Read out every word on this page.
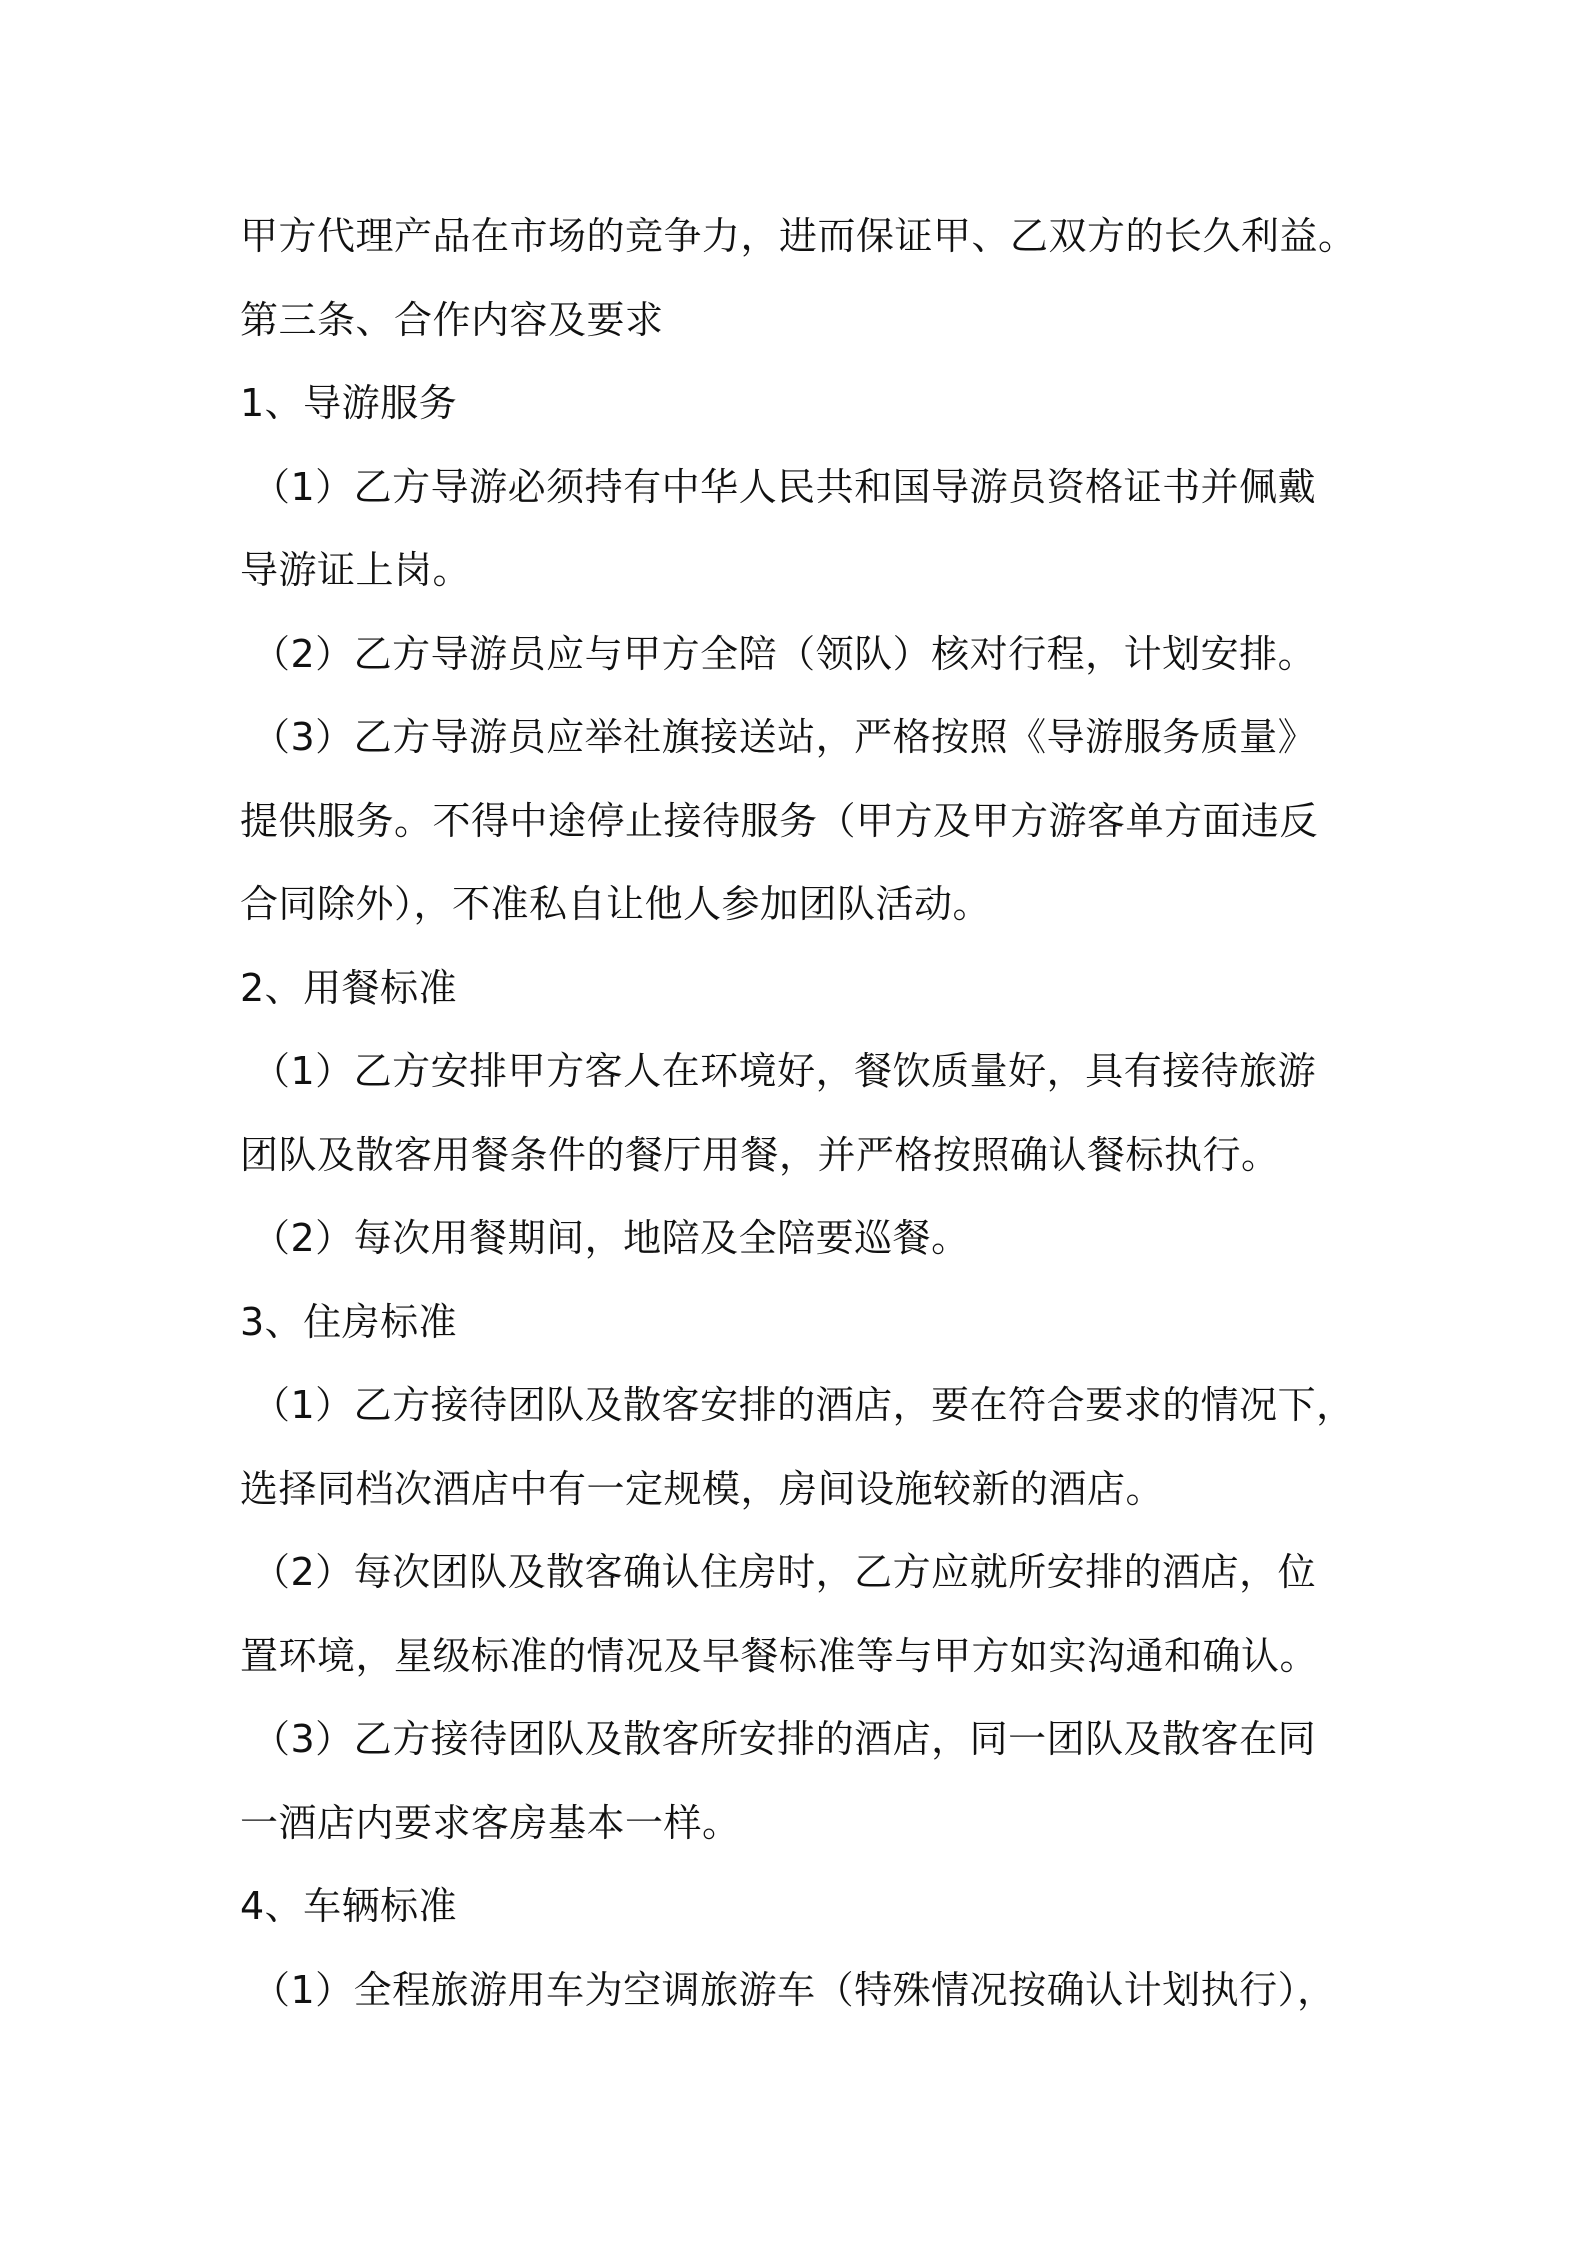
甲方代理产品在市场的竞争力，进而保证甲、乙双方的长久利益。
第三条、合作内容及要求
1、导游服务
（1）乙方导游必须持有中华人民共和国导游员资格证书并佩戴
导游证上岗。
（2）乙方导游员应与甲方全陪（领队）核对行程，计划安排。
（3）乙方导游员应举社旗接送站，严格按照《导游服务质量》
提供服务。不得中途停止接待服务（甲方及甲方游客单方面违反
合同除外），不准私自让他人参加团队活动。
2、用餐标准
（1）乙方安排甲方客人在环境好，餐饮质量好，具有接待旅游
团队及散客用餐条件的餐厅用餐，并严格按照确认餐标执行。
（2）每次用餐期间，地陪及全陪要巡餐。
3、住房标准
（1）乙方接待团队及散客安排的酒店，要在符合要求的情况下，
选择同档次酒店中有一定规模，房间设施较新的酒店。
（2）每次团队及散客确认住房时，乙方应就所安排的酒店，位
置环境，星级标准的情况及早餐标准等与甲方如实沟通和确认。
（3）乙方接待团队及散客所安排的酒店，同一团队及散客在同
一酒店内要求客房基本一样。
4、车辆标准
（1）全程旅游用车为空调旅游车（特殊情况按确认计划执行），
